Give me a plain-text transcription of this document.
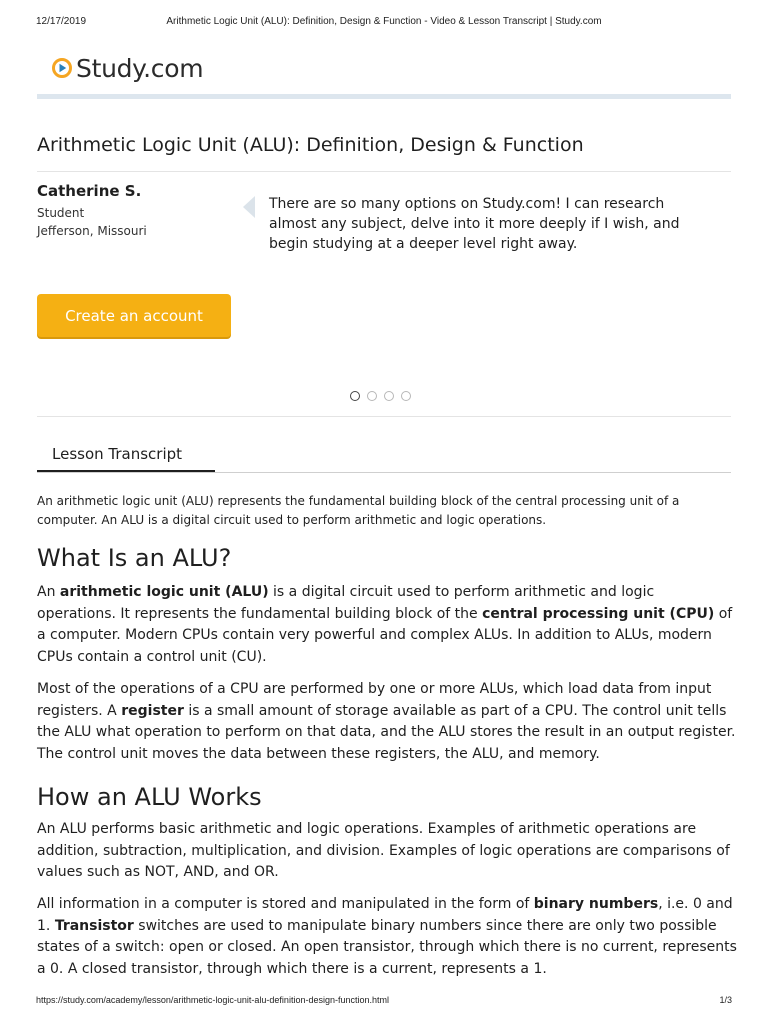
12/17/2019	Arithmetic Logic Unit (ALU): Definition, Design & Function - Video & Lesson Transcript | Study.com
Study.com
Arithmetic Logic Unit (ALU): Definition, Design & Function
Catherine S.
Student
Jefferson, Missouri
There are so many options on Study.com! I can research almost any subject, delve into it more deeply if I wish, and begin studying at a deeper level right away.
Create an account
Lesson Transcript

An arithmetic logic unit (ALU) represents the fundamental building block of the central processing unit of a computer. An ALU is a digital circuit used to perform arithmetic and logic operations.

What Is an ALU?

An arithmetic logic unit (ALU) is a digital circuit used to perform arithmetic and logic operations. It represents the fundamental building block of the central processing unit (CPU) of a computer. Modern CPUs contain very powerful and complex ALUs. In addition to ALUs, modern CPUs contain a control unit (CU).

Most of the operations of a CPU are performed by one or more ALUs, which load data from input registers. A register is a small amount of storage available as part of a CPU. The control unit tells the ALU what operation to perform on that data, and the ALU stores the result in an output register. The control unit moves the data between these registers, the ALU, and memory.

How an ALU Works

An ALU performs basic arithmetic and logic operations. Examples of arithmetic operations are addition, subtraction, multiplication, and division. Examples of logic operations are comparisons of values such as NOT, AND, and OR.

All information in a computer is stored and manipulated in the form of binary numbers, i.e. 0 and 1. Transistor switches are used to manipulate binary numbers since there are only two possible states of a switch: open or closed. An open transistor, through which there is no current, represents a 0. A closed transistor, through which there is a current, represents a 1.

https://study.com/academy/lesson/arithmetic-logic-unit-alu-definition-design-function.html	1/3
